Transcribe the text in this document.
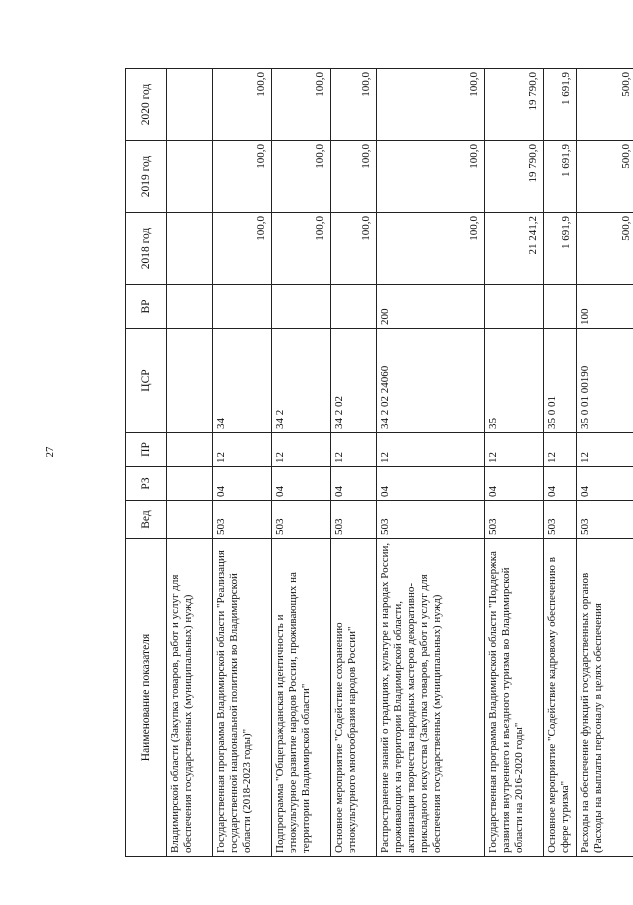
27
Наименование показателя	Вед	РЗ	ПР	ЦСР	ВР	2018 год	2019 год	2020 год
Владимирской области (Закупка товаров, работ и услуг для обеспечения государственных (муниципальных) нужд)								
Государственная программа Владимирской области "Реализация государственной национальной политики во Владимирской области (2018-2023 годы)"	503	04	12	34		100,0	100,0	100,0
Подпрограмма "Общегражданская идентичность и этнокультурное развитие народов России, проживающих на территории Владимирской области"	503	04	12	34 2		100,0	100,0	100,0
Основное мероприятие "Содействие сохранению этнокультурного многообразия народов России"	503	04	12	34 2 02		100,0	100,0	100,0
Распространение знаний о традициях, культуре и народах России, проживающих на территории Владимирской области, активизация творчества народных мастеров декоративно-прикладного искусства (Закупка товаров, работ и услуг для обеспечения государственных (муниципальных) нужд)	503	04	12	34 2 02 24060	200	100,0	100,0	100,0
Государственная программа Владимирской области "Поддержка развития внутреннего и въездного туризма во Владимирской области на 2016-2020 годы"	503	04	12	35		21 241,2	19 790,0	19 790,0
Основное мероприятие "Содействие кадровому обеспечению в сфере туризма"	503	04	12	35 0 01		1 691,9	1 691,9	1 691,9
Расходы на обеспечение функций государственных органов (Расходы на выплаты персоналу в целях обеспечения	503	04	12	35 0 01 00190	100	500,0	500,0	500,0
